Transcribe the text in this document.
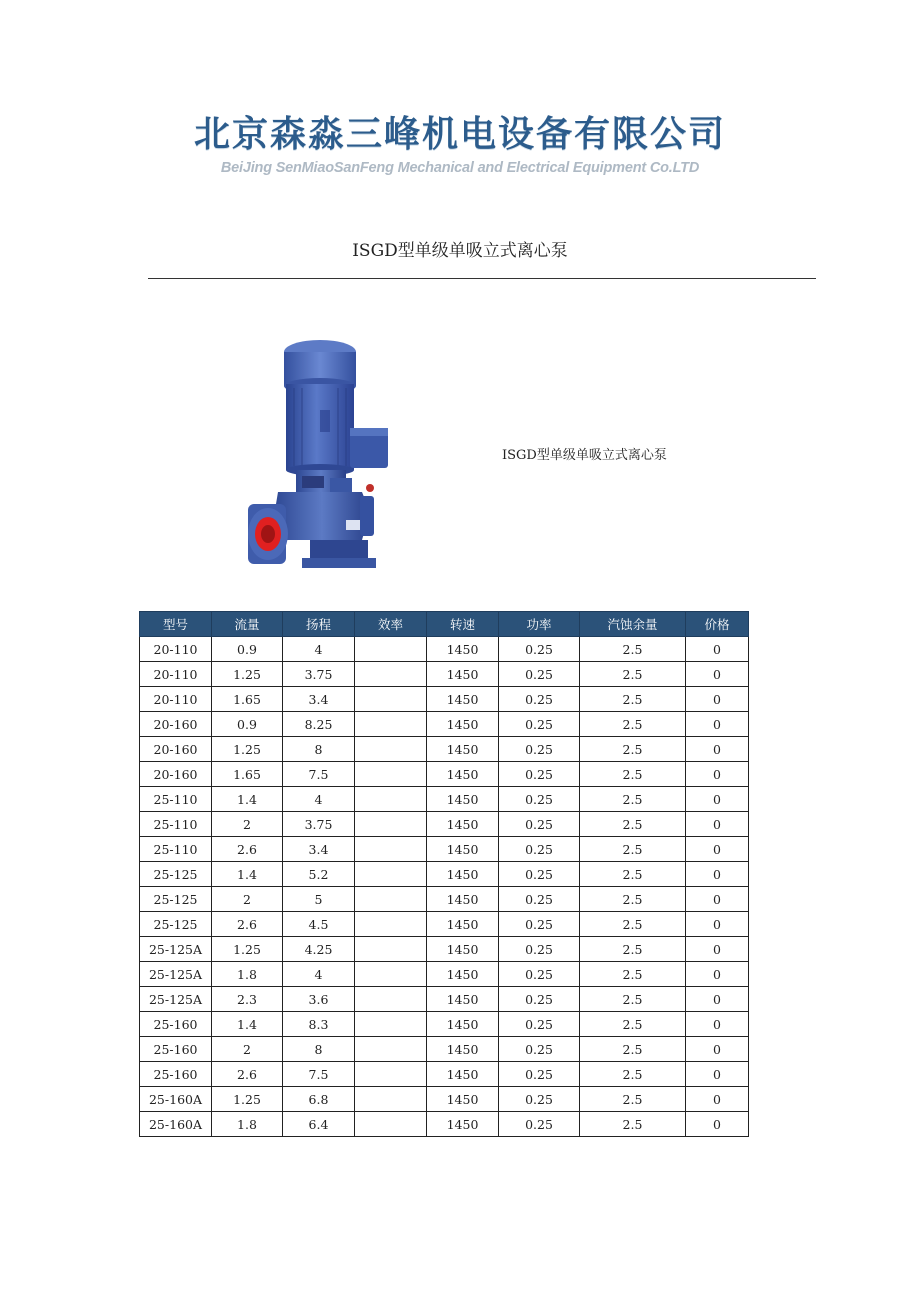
北京森淼三峰机电设备有限公司
BeiJing SenMiaoSanFeng Mechanical and Electrical Equipment Co.LTD
ISGD型单级单吸立式离心泵
ISGD型单级单吸立式离心泵
型号	流量	扬程	效率	转速	功率	汽蚀余量	价格
20-110	0.9	4		1450	0.25	2.5	0
20-110	1.25	3.75		1450	0.25	2.5	0
20-110	1.65	3.4		1450	0.25	2.5	0
20-160	0.9	8.25		1450	0.25	2.5	0
20-160	1.25	8		1450	0.25	2.5	0
20-160	1.65	7.5		1450	0.25	2.5	0
25-110	1.4	4		1450	0.25	2.5	0
25-110	2	3.75		1450	0.25	2.5	0
25-110	2.6	3.4		1450	0.25	2.5	0
25-125	1.4	5.2		1450	0.25	2.5	0
25-125	2	5		1450	0.25	2.5	0
25-125	2.6	4.5		1450	0.25	2.5	0
25-125A	1.25	4.25		1450	0.25	2.5	0
25-125A	1.8	4		1450	0.25	2.5	0
25-125A	2.3	3.6		1450	0.25	2.5	0
25-160	1.4	8.3		1450	0.25	2.5	0
25-160	2	8		1450	0.25	2.5	0
25-160	2.6	7.5		1450	0.25	2.5	0
25-160A	1.25	6.8		1450	0.25	2.5	0
25-160A	1.8	6.4		1450	0.25	2.5	0
